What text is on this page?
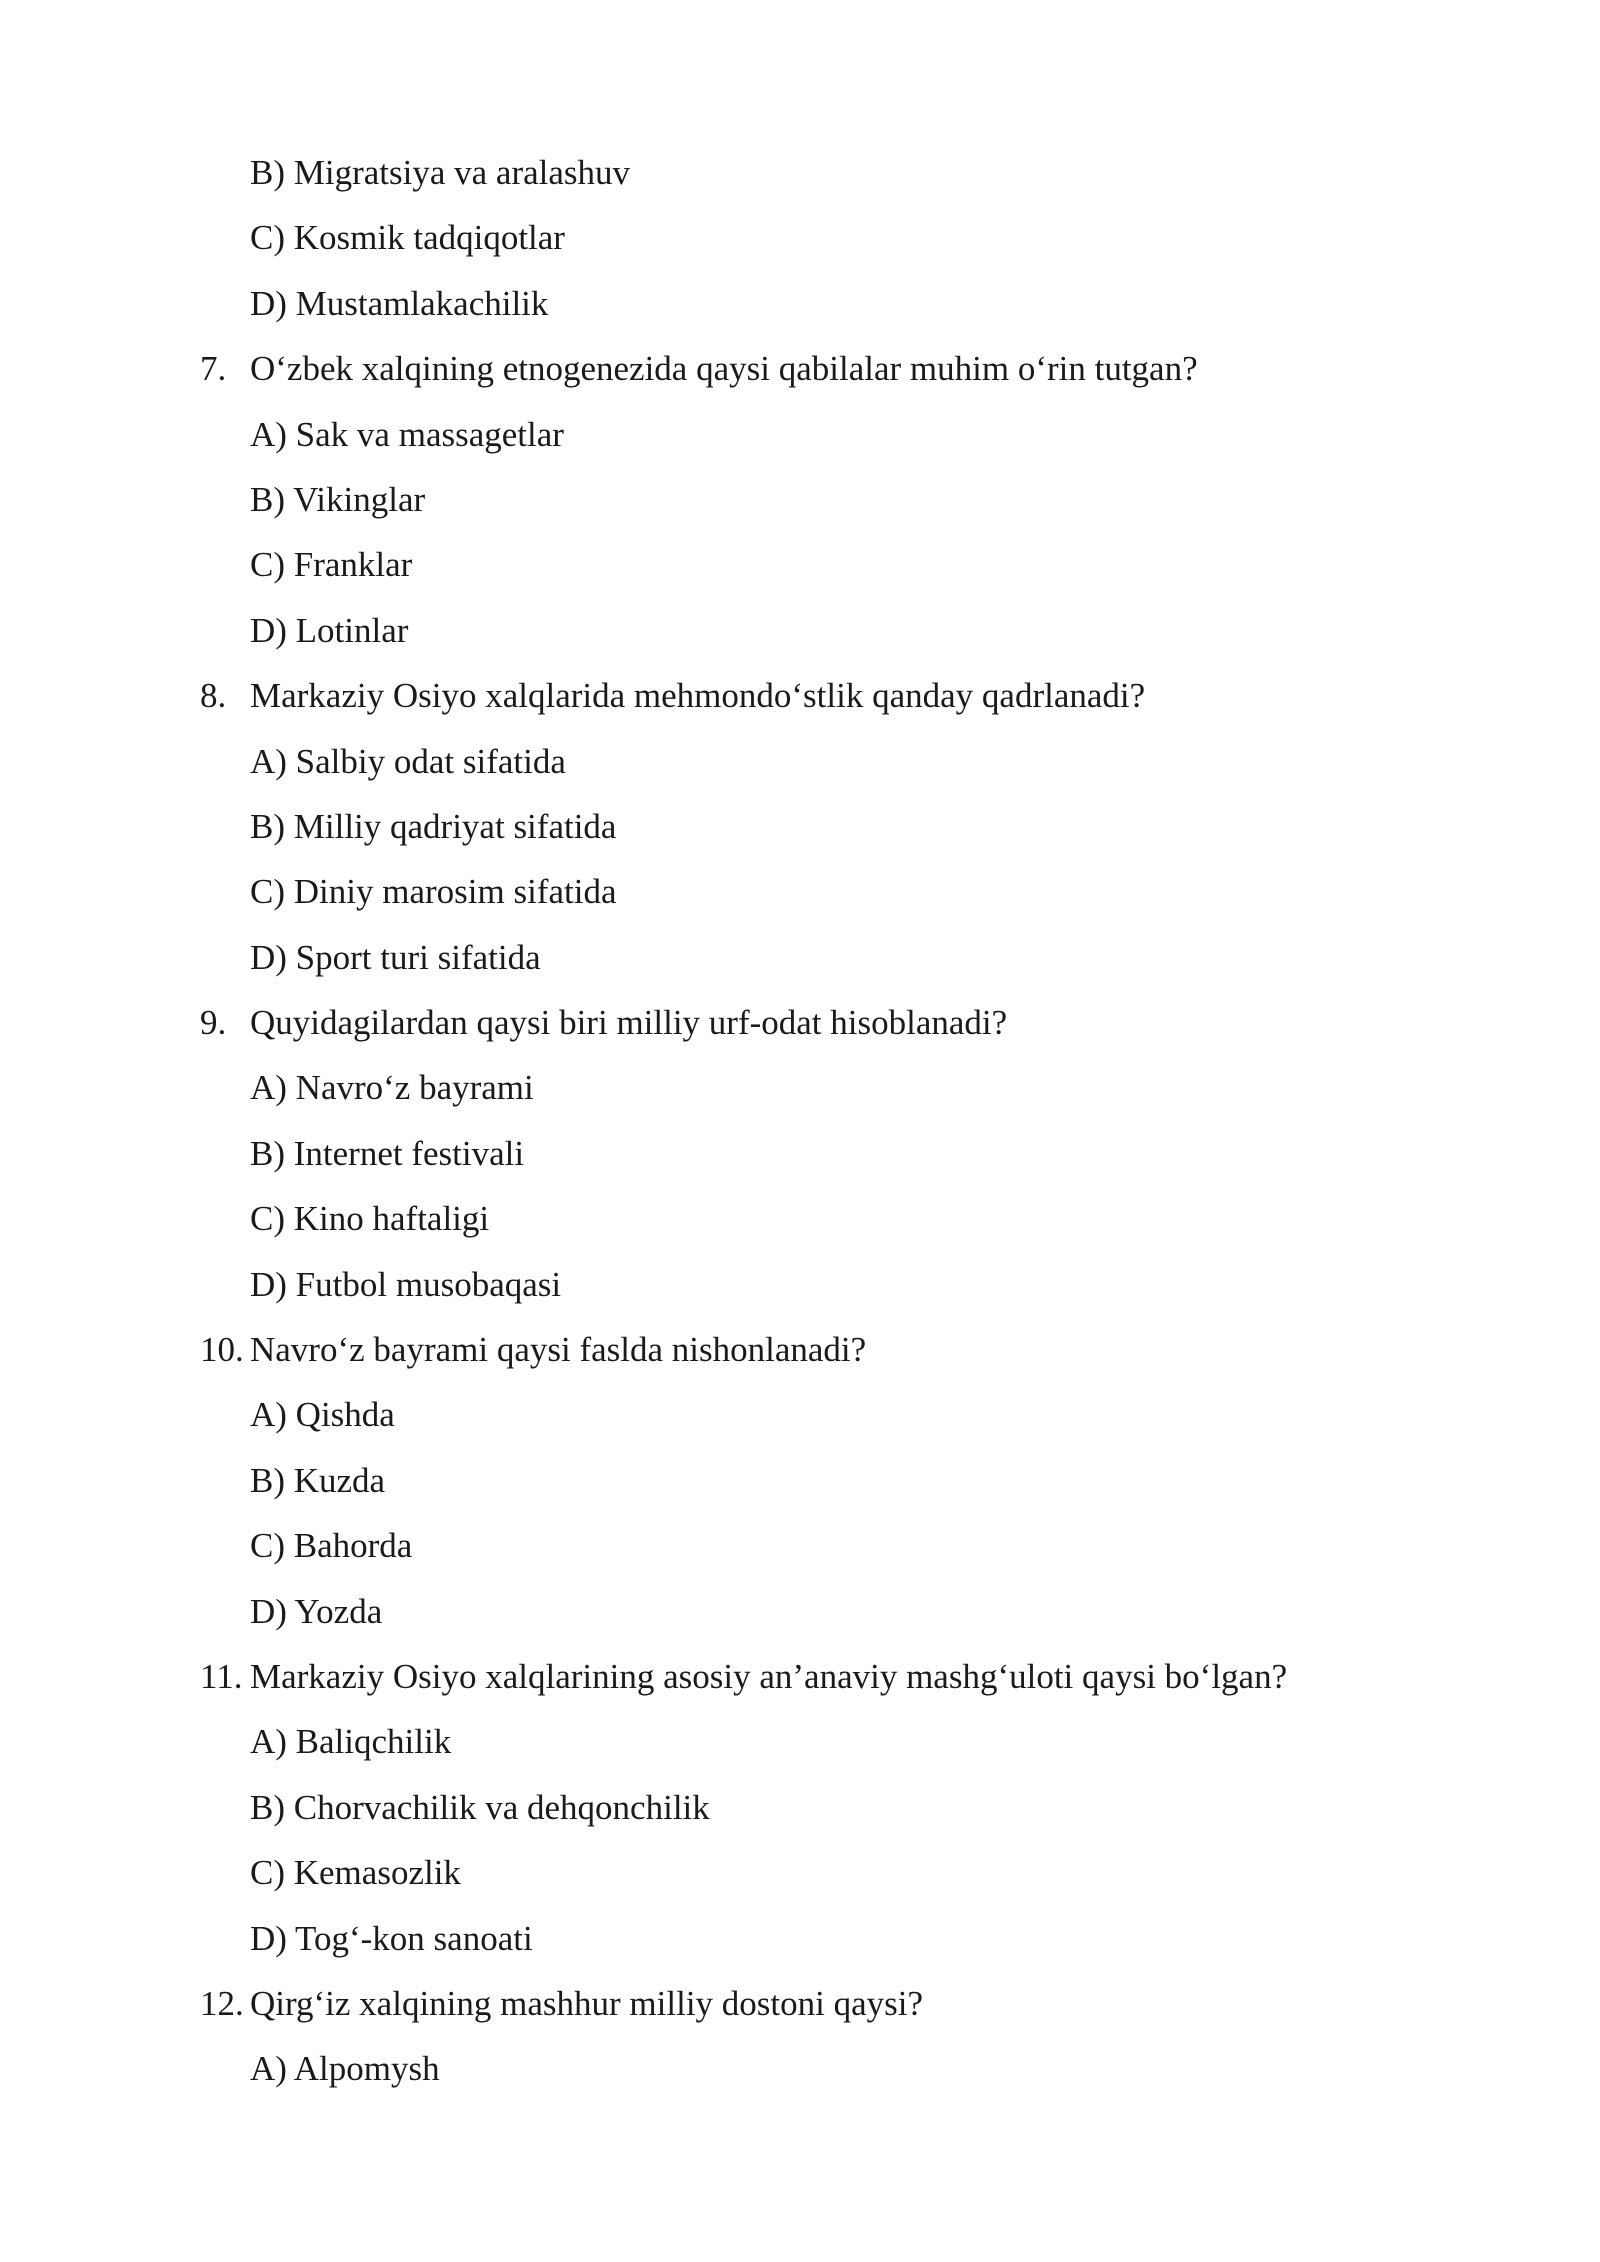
B) Migratsiya va aralashuv
C) Kosmik tadqiqotlar
D) Mustamlakachilik
7. O‘zbek xalqining etnogenezida qaysi qabilalar muhim o‘rin tutgan?
A) Sak va massagetlar
B) Vikinglar
C) Franklar
D) Lotinlar
8. Markaziy Osiyo xalqlarida mehmondo‘stlik qanday qadrlanadi?
A) Salbiy odat sifatida
B) Milliy qadriyat sifatida
C) Diniy marosim sifatida
D) Sport turi sifatida
9. Quyidagilardan qaysi biri milliy urf-odat hisoblanadi?
A) Navro‘z bayrami
B) Internet festivali
C) Kino haftaligi
D) Futbol musobaqasi
10. Navro‘z bayrami qaysi faslda nishonlanadi?
A) Qishda
B) Kuzda
C) Bahorda
D) Yozda
11. Markaziy Osiyo xalqlarining asosiy an’anaviy mashg‘uloti qaysi bo‘lgan?
A) Baliqchilik
B) Chorvachilik va dehqonchilik
C) Kemasozlik
D) Tog‘-kon sanoati
12. Qirg‘iz xalqining mashhur milliy dostoni qaysi?
A) Alpomysh
